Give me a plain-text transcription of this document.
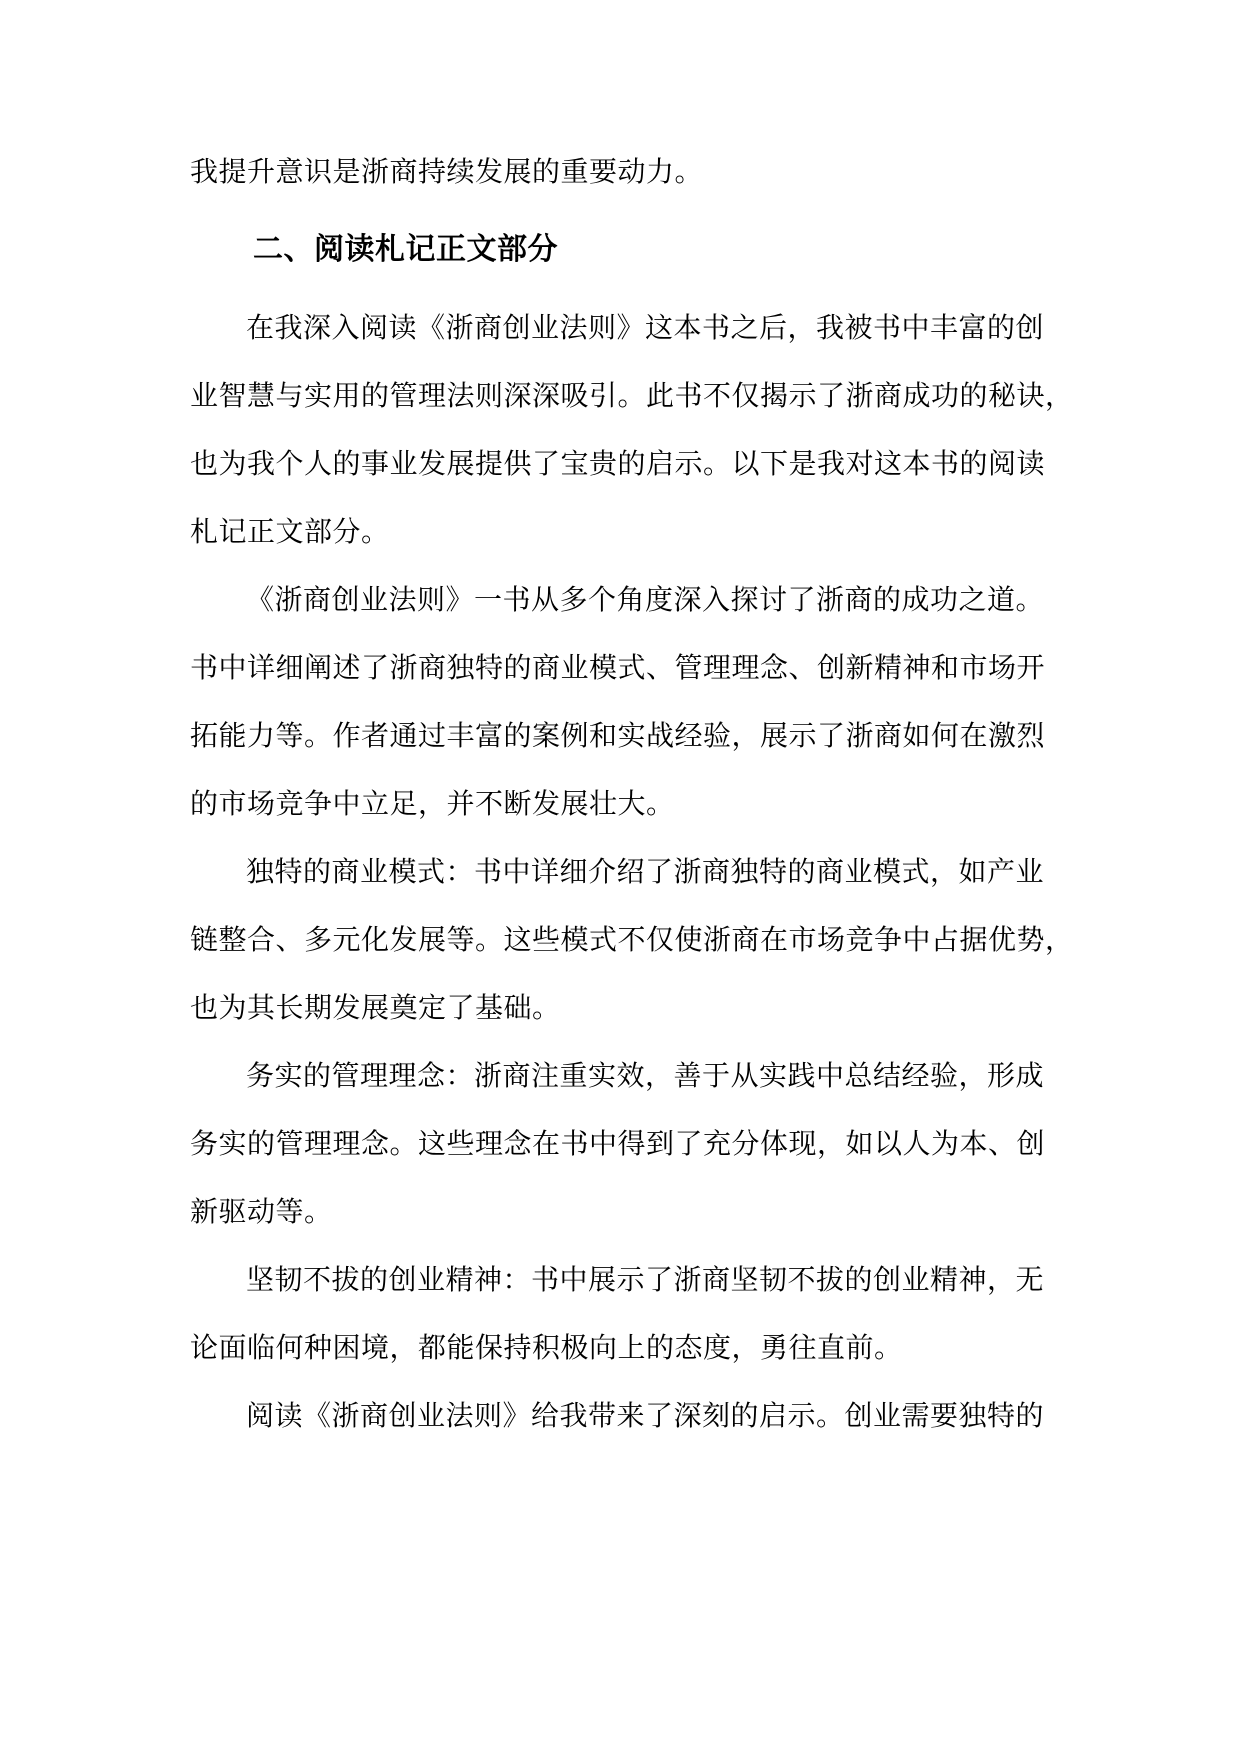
我提升意识是浙商持续发展的重要动力。
二、阅读札记正文部分
在我深入阅读《浙商创业法则》这本书之后，我被书中丰富的创
业智慧与实用的管理法则深深吸引。此书不仅揭示了浙商成功的秘诀，
也为我个人的事业发展提供了宝贵的启示。以下是我对这本书的阅读
札记正文部分。
《浙商创业法则》一书从多个角度深入探讨了浙商的成功之道。
书中详细阐述了浙商独特的商业模式、管理理念、创新精神和市场开
拓能力等。作者通过丰富的案例和实战经验，展示了浙商如何在激烈
的市场竞争中立足，并不断发展壮大。
独特的商业模式：书中详细介绍了浙商独特的商业模式，如产业
链整合、多元化发展等。这些模式不仅使浙商在市场竞争中占据优势，
也为其长期发展奠定了基础。
务实的管理理念：浙商注重实效，善于从实践中总结经验，形成
务实的管理理念。这些理念在书中得到了充分体现，如以人为本、创
新驱动等。
坚韧不拔的创业精神：书中展示了浙商坚韧不拔的创业精神，无
论面临何种困境，都能保持积极向上的态度，勇往直前。
阅读《浙商创业法则》给我带来了深刻的启示。创业需要独特的
